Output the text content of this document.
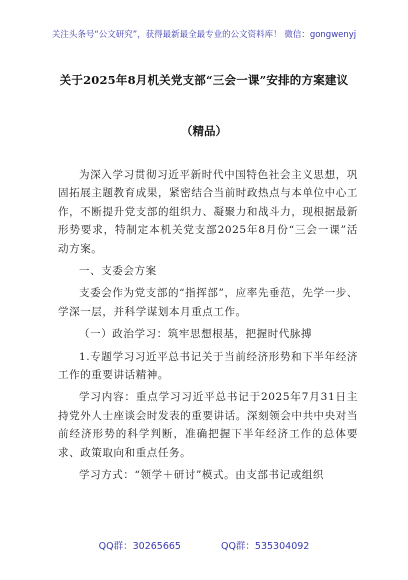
关注头条号“公文研究”，获得最新最全最专业的公文资料库！ 微信：gongwenyj
关于2025年8月机关党支部“三会一课”安排的方案建议
（精品）

为深入学习贯彻习近平新时代中国特色社会主义思想，巩固拓展主题教育成果，紧密结合当前时政热点与本单位中心工作，不断提升党支部的组织力、凝聚力和战斗力，现根据最新形势要求，特制定本机关党支部2025年8月份“三会一课”活动方案。

一、支委会方案

支委会作为党支部的“指挥部”，应率先垂范，先学一步、学深一层，并科学谋划本月重点工作。

（一）政治学习：筑牢思想根基，把握时代脉搏

1.专题学习习近平总书记关于当前经济形势和下半年经济工作的重要讲话精神。

学习内容：重点学习习近平总书记于2025年7月31日主持党外人士座谈会时发表的重要讲话。深刻领会中共中央对当前经济形势的科学判断，准确把握下半年经济工作的总体要求、政策取向和重点任务。

学习方式：“领学＋研讨”模式。由支部书记或组织

QQ群：30265665	QQ群：535304092
